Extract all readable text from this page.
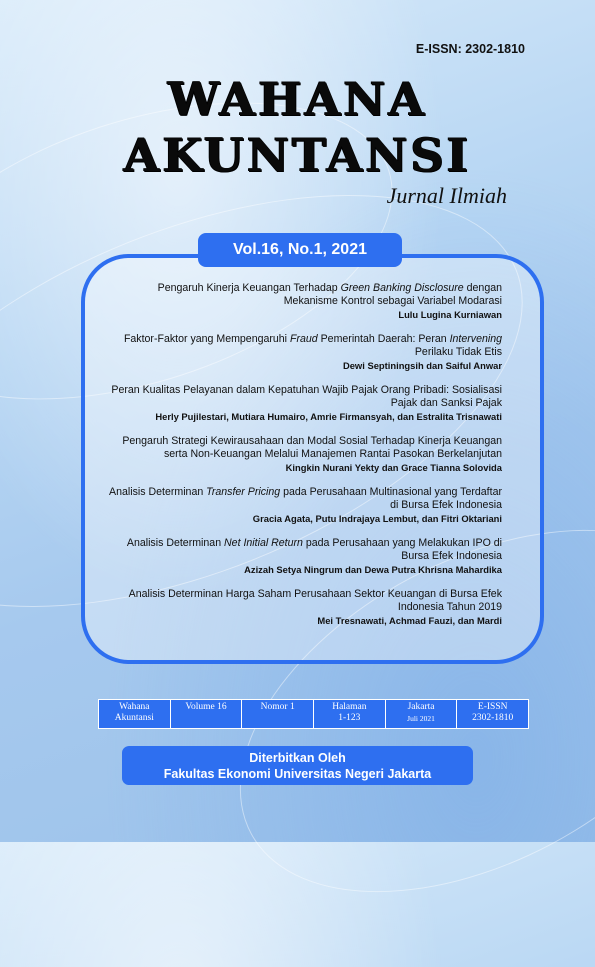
E-ISSN: 2302-1810
WAHANA
AKUNTANSI
Jurnal Ilmiah
Vol.16, No.1, 2021
Pengaruh Kinerja Keuangan Terhadap Green Banking Disclosure dengan Mekanisme Kontrol sebagai Variabel Modarasi
Lulu Lugina Kurniawan
Faktor-Faktor yang Mempengaruhi Fraud Pemerintah Daerah: Peran Intervening Perilaku Tidak Etis
Dewi Septiningsih dan Saiful Anwar
Peran Kualitas Pelayanan dalam Kepatuhan Wajib Pajak Orang Pribadi: Sosialisasi Pajak dan Sanksi Pajak
Herly Pujilestari, Mutiara Humairo, Amrie Firmansyah, dan Estralita Trisnawati
Pengaruh Strategi Kewirausahaan dan Modal Sosial Terhadap Kinerja Keuangan serta Non-Keuangan Melalui Manajemen Rantai Pasokan Berkelanjutan
Kingkin Nurani Yekty dan Grace Tianna Solovida
Analisis Determinan Transfer Pricing pada Perusahaan Multinasional yang Terdaftar di Bursa Efek Indonesia
Gracia Agata, Putu Indrajaya Lembut, dan Fitri Oktariani
Analisis Determinan Net Initial Return pada Perusahaan yang Melakukan IPO di Bursa Efek Indonesia
Azizah Setya Ningrum dan Dewa Putra Khrisna Mahardika
Analisis Determinan Harga Saham Perusahaan Sektor Keuangan di Bursa Efek Indonesia Tahun 2019
Mei Tresnawati, Achmad Fauzi, dan Mardi
Wahana
Akuntansi
Volume 16	Nomor 1	Halaman
1-123
Jakarta
Juli 2021
E-ISSN
2302-1810
Diterbitkan Oleh
Fakultas Ekonomi Universitas Negeri Jakarta
